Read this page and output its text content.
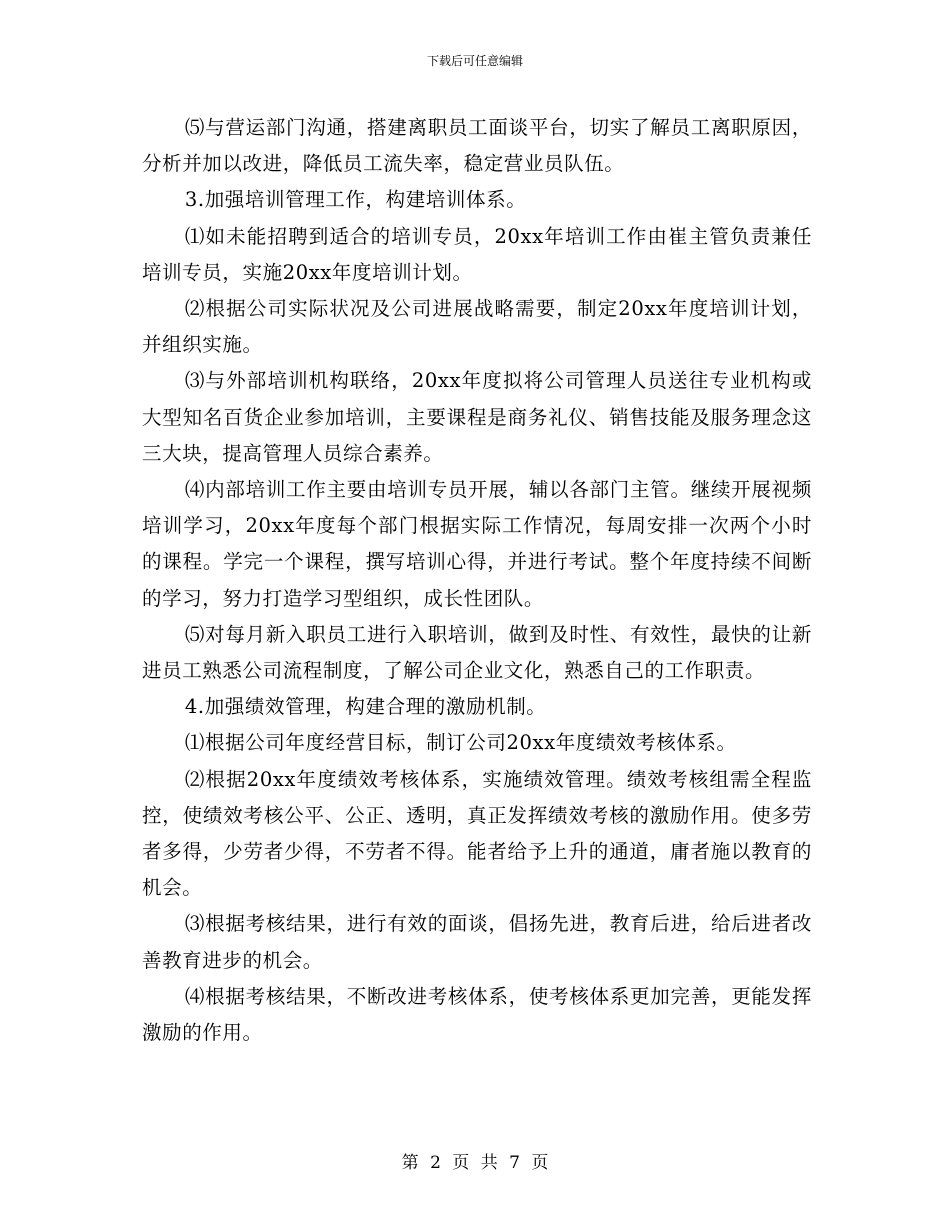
下载后可任意编辑

⑸与营运部门沟通，搭建离职员工面谈平台，切实了解员工离职原因，分析并加以改进，降低员工流失率，稳定营业员队伍。

3.加强培训管理工作，构建培训体系。

⑴如未能招聘到适合的培训专员，20xx年培训工作由崔主管负责兼任培训专员，实施20xx年度培训计划。

⑵根据公司实际状况及公司进展战略需要，制定20xx年度培训计划，并组织实施。

⑶与外部培训机构联络，20xx年度拟将公司管理人员送往专业机构或大型知名百货企业参加培训，主要课程是商务礼仪、销售技能及服务理念这三大块，提高管理人员综合素养。

⑷内部培训工作主要由培训专员开展，辅以各部门主管。继续开展视频培训学习，20xx年度每个部门根据实际工作情况，每周安排一次两个小时的课程。学完一个课程，撰写培训心得，并进行考试。整个年度持续不间断的学习，努力打造学习型组织，成长性团队。

⑸对每月新入职员工进行入职培训，做到及时性、有效性，最快的让新进员工熟悉公司流程制度，了解公司企业文化，熟悉自己的工作职责。

4.加强绩效管理，构建合理的激励机制。

⑴根据公司年度经营目标，制订公司20xx年度绩效考核体系。

⑵根据20xx年度绩效考核体系，实施绩效管理。绩效考核组需全程监控，使绩效考核公平、公正、透明，真正发挥绩效考核的激励作用。使多劳者多得，少劳者少得，不劳者不得。能者给予上升的通道，庸者施以教育的机会。

⑶根据考核结果，进行有效的面谈，倡扬先进，教育后进，给后进者改善教育进步的机会。

⑷根据考核结果，不断改进考核体系，使考核体系更加完善，更能发挥激励的作用。

第 2 页 共 7 页
